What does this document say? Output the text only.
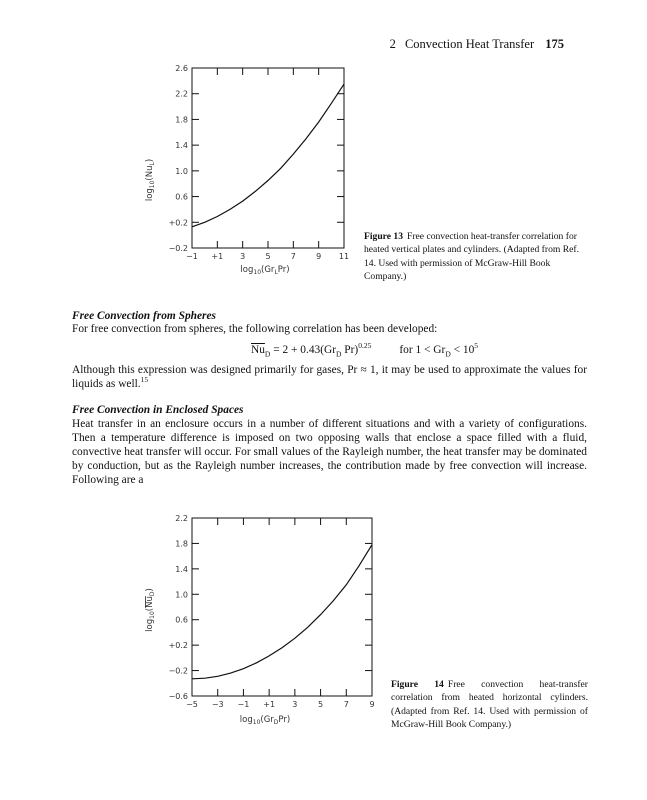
2 Convection Heat Transfer 175
2.6
2.2
1.8
1.4
1.0
0.6
+0.2
−0.2
−1 +1 3	5	7	9 11
$\log_{10}(Gr_LPr)$
$\log_{10}(Nu_L)$
Figure 13 Free convection heat-transfer correlation for heated vertical plates and cylinders. (Adapted from Ref. 14. Used with permission of McGraw-Hill Book Company.)
Free Convection from Spheres
For free convection from spheres, the following correlation has been developed:
$\overline{Nu}_D = 2 + 0.43(Gr_D$ Pr)$^{0.25}$ for $1 < Gr_D < 10^5$
Although this expression was designed primarily for gases, Pr ≈ 1, it may be used to approximate the values for liquids as well.$^{15}$
Free Convection in Enclosed Spaces
Heat transfer in an enclosure occurs in a number of different situations and with a variety of configurations. Then a temperature difference is imposed on two opposing walls that enclose a space filled with a fluid, convective heat transfer will occur. For small values of the Rayleigh number, the heat transfer may be dominated by conduction, but as the Rayleigh number increases, the contribution made by free convection will increase. Following are a
2.2
1.8
1.4
1.0
0.6
+0.2
−0.2
−0.6
−5 −3 −1 +1 3	5	7	9
$\log_{10}(Gr_DPr)$
$\log_{10}(Nu_D)$
Figure 14 Free convection heat-transfer correlation from heated horizontal cylinders. (Adapted from Ref. 14. Used with permission of McGraw-Hill Book Company.)
